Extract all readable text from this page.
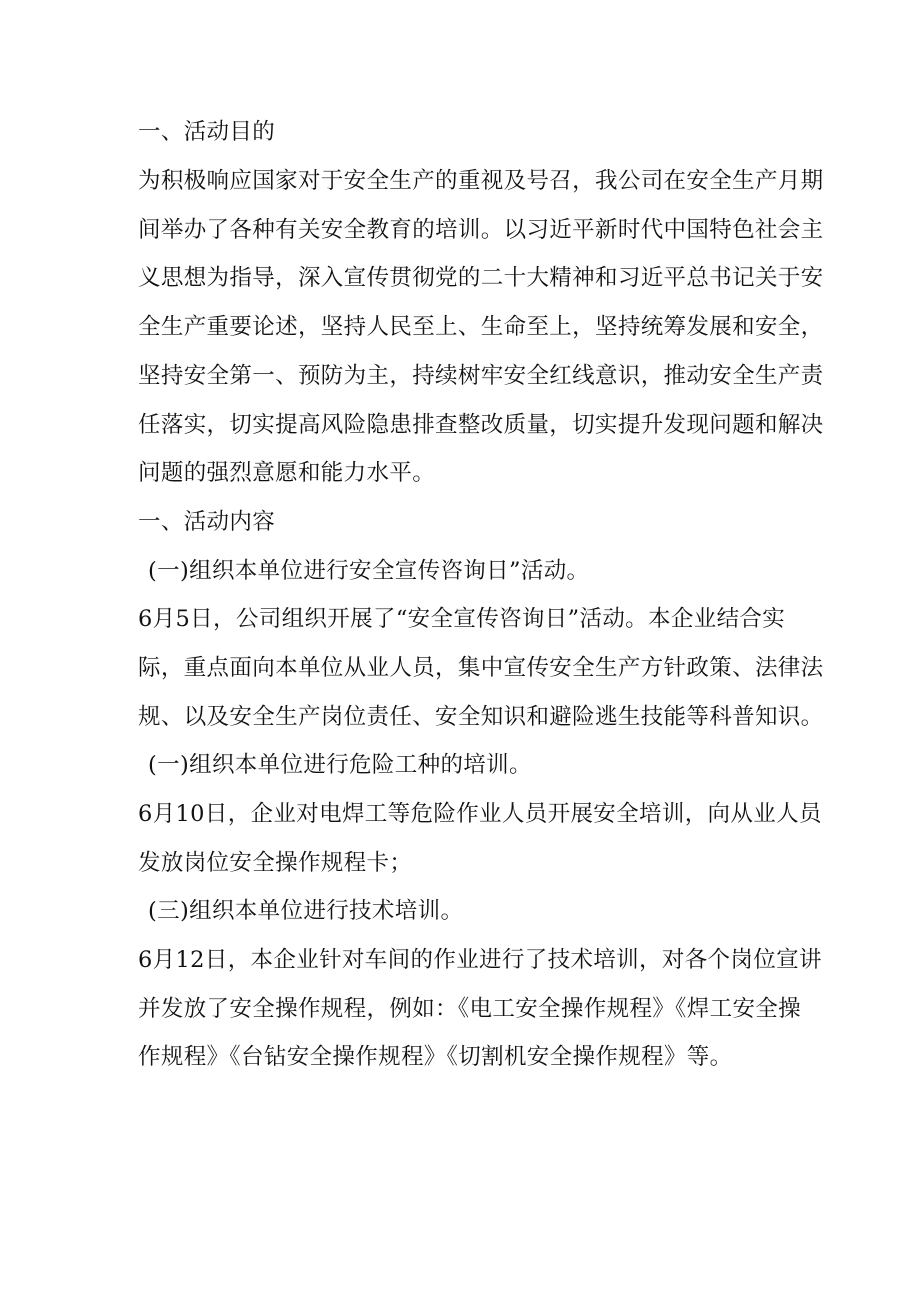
一、活动目的

为积极响应国家对于安全生产的重视及号召，我公司在安全生产月期

间举办了各种有关安全教育的培训。以习近平新时代中国特色社会主

义思想为指导，深入宣传贯彻党的二十大精神和习近平总书记关于安

全生产重要论述，坚持人民至上、生命至上，坚持统筹发展和安全，

坚持安全第一、预防为主，持续树牢安全红线意识，推动安全生产责

任落实，切实提高风险隐患排查整改质量，切实提升发现问题和解决

问题的强烈意愿和能力水平。

一、活动内容

(一)组织本单位进行安全宣传咨询日”活动。

6月5日，公司组织开展了“安全宣传咨询日”活动。本企业结合实

际，重点面向本单位从业人员，集中宣传安全生产方针政策、法律法

规、以及安全生产岗位责任、安全知识和避险逃生技能等科普知识。

(一)组织本单位进行危险工种的培训。

6月10日，企业对电焊工等危险作业人员开展安全培训，向从业人员

发放岗位安全操作规程卡；

(三)组织本单位进行技术培训。

6月12日，本企业针对车间的作业进行了技术培训，对各个岗位宣讲

并发放了安全操作规程，例如：《电工安全操作规程》《焊工安全操

作规程》《台钻安全操作规程》《切割机安全操作规程》等。
